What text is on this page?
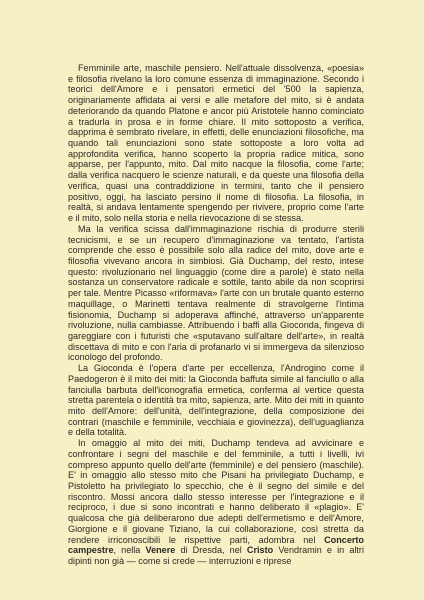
Femminile arte, maschile pensiero. Nell'attuale dissolvenza, «poesia» e filosofia rivelano la loro comune essenza di immaginazione. Secondo i teorici dell'Amore e i pensatori ermetici del '500 la sapienza, originariamente affidata ai versi e alle metafore del mito, si è andata deteriorando da quando Platone e ancor più Aristotele hanno cominciato a tradurla in prosa e in forme chiare. Il mito sottoposto a verifica, dapprima è sembrato rivelare, in effetti, delle enunciazioni filosofiche, ma quando tali enunciazioni sono state sottoposte a loro volta ad approfondita verifica, hanno scoperto la propria radice mitica, sono apparse, per l'appunto, mito. Dal mito nacque la filosofia, come l'arte; dalla verifica nacquero le scienze naturali, e da queste una filosofia della verifica, quasi una contraddizione in termini, tanto che il pensiero positivo, oggi, ha lasciato persino il nome di filosofia. La filosofia, in realtà, si andava lentamente spengendo per rivivere, proprio come l'arte e il mito, solo nella storia e nella rievocazione di se stessa.

Ma la verifica scissa dall'immaginazione rischia di produrre sterili tecnicismi, e se un recupero d'immaginazione va tentato, l'artista comprende che esso è possibile solo alla radice del mito, dove arte e filosofia vivevano ancora in simbiosi. Già Duchamp, del resto, intese questo: rivoluzionario nel linguaggio (come dire a parole) è stato nella sostanza un conservatore radicale e sottile, tanto abile da non scoprirsi per tale. Mentre Picasso «riformava» l'arte con un brutale quanto esterno maquillage, o Marinetti tentava realmente di stravolgerne l'intima fisionomia, Duchamp si adoperava affinché, attraverso un'apparente rivoluzione, nulla cambiasse. Attribuendo i baffi alla Gioconda, fingeva di gareggiare con i futuristi che «sputavano sull'altare dell'arte», in realtà discettava di mito e con l'aria di profanarlo vi si immergeva da silenzioso iconologo del profondo.

La Gioconda è l'opera d'arte per eccellenza, l'Androgino come il Paedogeron è il mito dei miti: la Gioconda baffuta simile al fanciullo o alla fanciulla barbuta dell'iconografia ermetica, conferma al vertice questa stretta parentela o identità tra mito, sapienza, arte. Mito dei miti in quanto mito dell'Amore: dell'unità, dell'integrazione, della composizione dei contrari (maschile e femminile, vecchiaia e giovinezza), dell'uguaglianza e della totalità.

In omaggio al mito dei miti, Duchamp tendeva ad avvicinare e confrontare i segni del maschile e del femminile, a tutti i livelli, ivi compreso appunto quello dell'arte (femminile) e del pensiero (maschile). E' in omaggio allo stesso mito che Pisani ha privilegiato Duchamp, e Pistoletto ha privilegiato lo specchio, che è il segno del simile e del riscontro. Mossi ancora dallo stesso interesse per l'integrazione e il reciproco, i due si sono incontrati e hanno deliberato il «plagio». E' qualcosa che già deliberarono due adepti dell'ermetismo e dell'Amore, Giorgione e il giovane Tiziano, la cui collaborazione, così stretta da rendere irriconoscibili le rispettive parti, adombra nel Concerto campestre, nella Venere di Dresda, nel Cristo Vendramin e in altri dipinti non già — come si crede — interruzioni e riprese
